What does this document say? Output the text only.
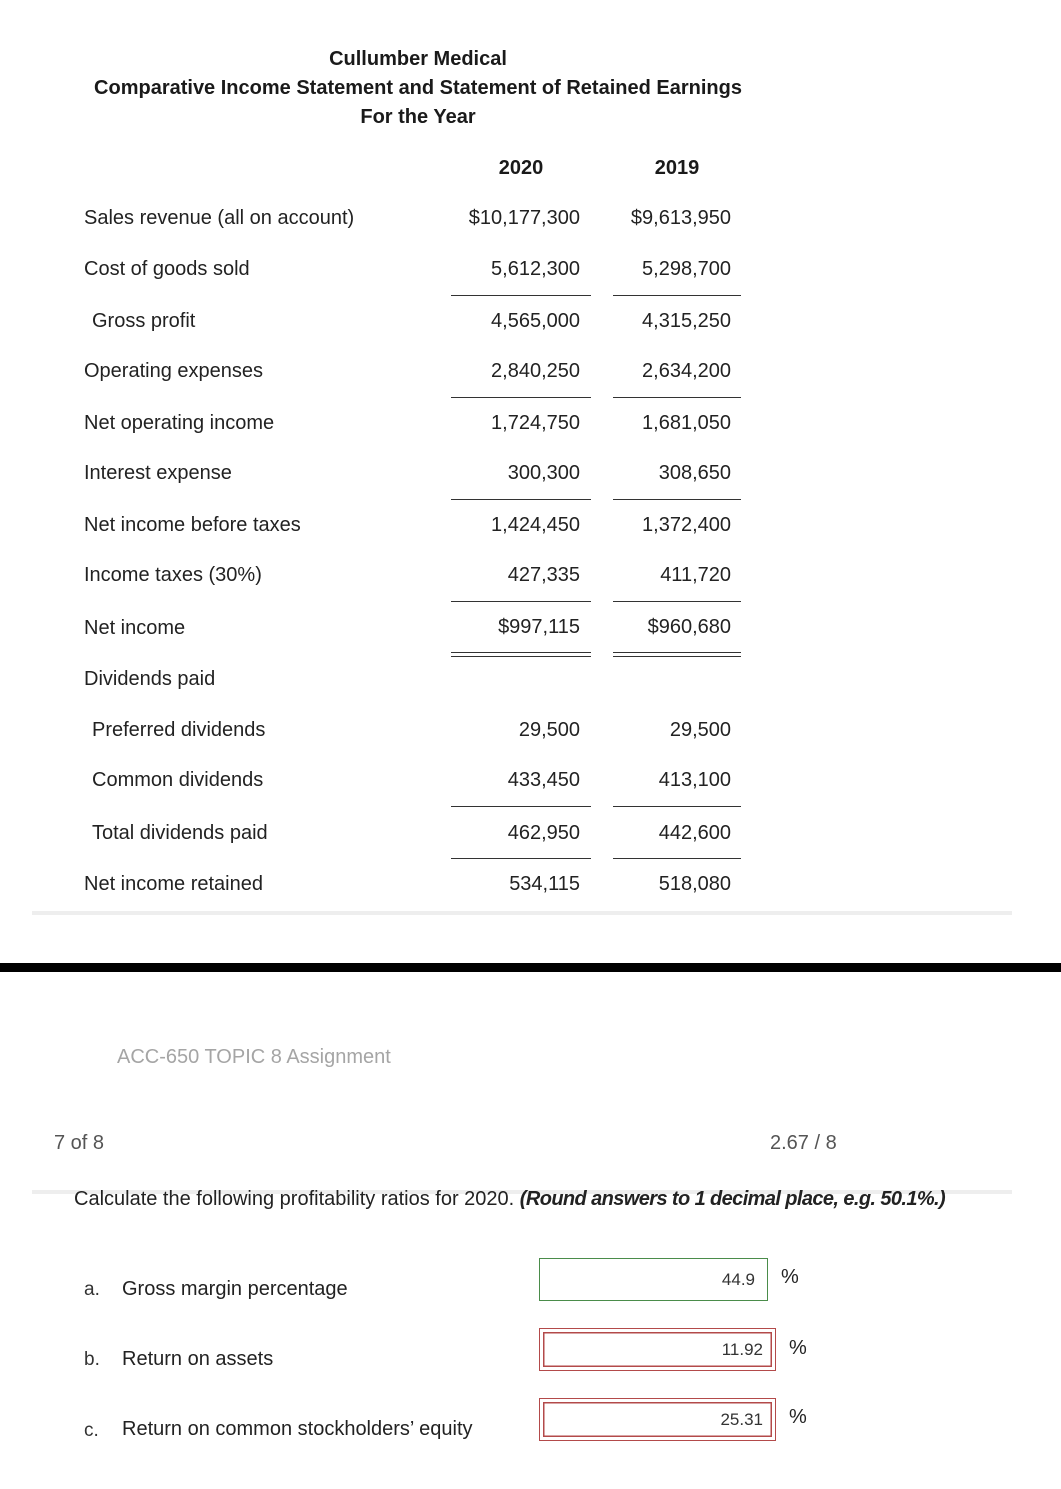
Cullumber Medical
Comparative Income Statement and Statement of Retained Earnings
For the Year
2020	2019
Sales revenue (all on account)	$10,177,300	$9,613,950
Cost of goods sold	5,612,300	5,298,700
Gross profit	4,565,000	4,315,250
Operating expenses	2,840,250	2,634,200
Net operating income	1,724,750	1,681,050
Interest expense	300,300	308,650
Net income before taxes	1,424,450	1,372,400
Income taxes (30%)	427,335	411,720
Net income	$997,115	$960,680
Dividends paid
Preferred dividends	29,500	29,500
Common dividends	433,450	413,100
Total dividends paid	462,950	442,600
Net income retained	534,115	518,080
ACC-650 TOPIC 8 Assignment
7 of 8	2.67 / 8
Calculate the following profitability ratios for 2020. (Round answers to 1 decimal place, e.g. 50.1%.)
a. Gross margin percentage	44.9	%
b. Return on assets	11.92	%
c. Return on common stockholders’ equity	25.31	%
